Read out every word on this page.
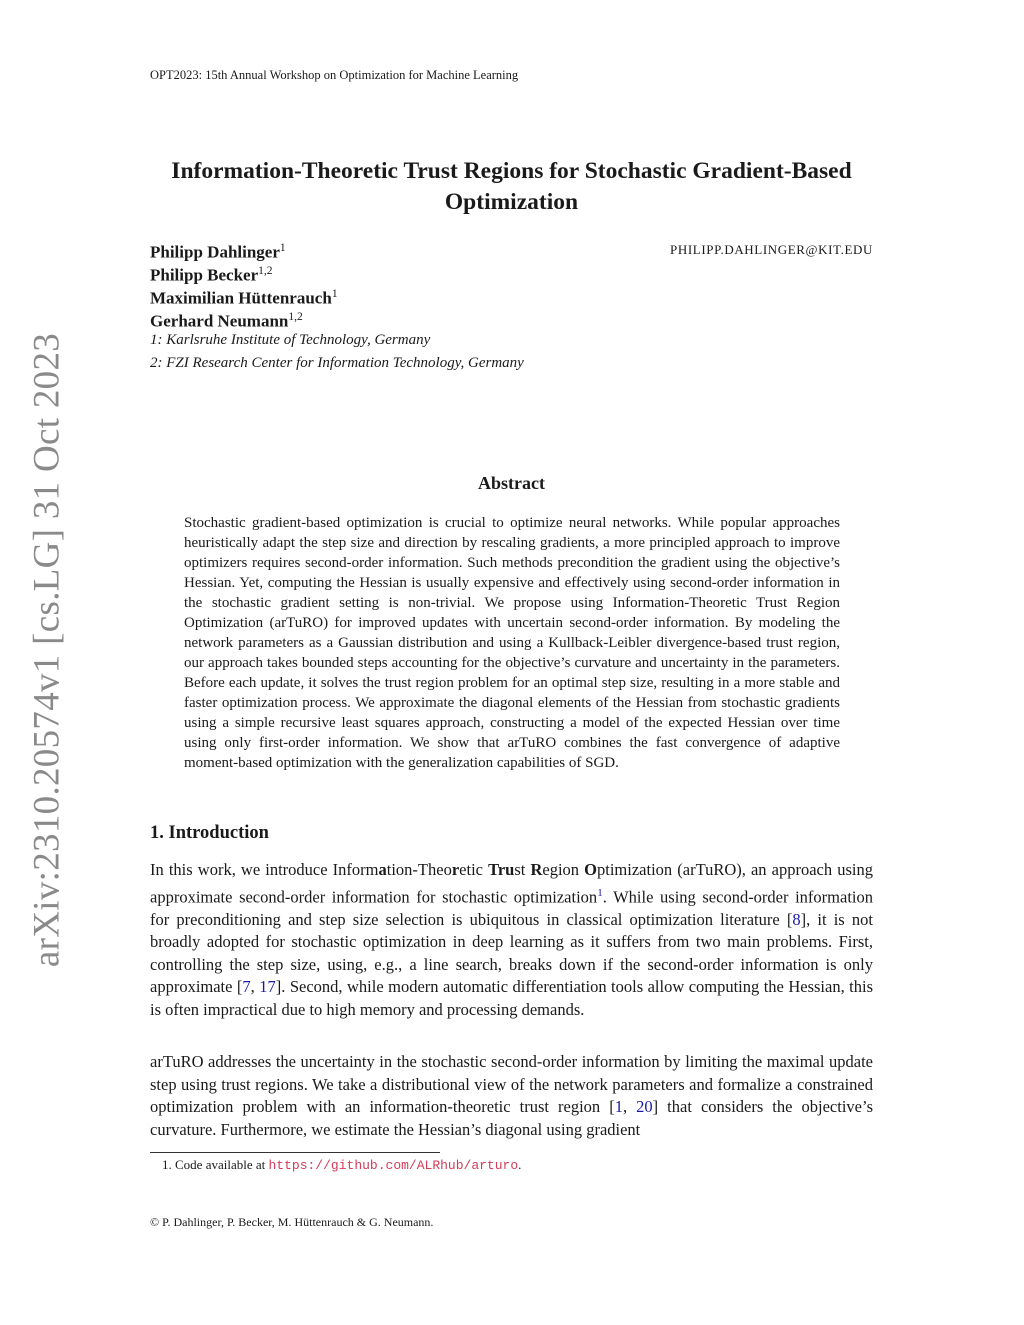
OPT2023: 15th Annual Workshop on Optimization for Machine Learning
arXiv:2310.20574v1 [cs.LG] 31 Oct 2023
Information-Theoretic Trust Regions for Stochastic Gradient-Based Optimization
PHILIPP.DAHLINGER@KIT.EDU
Philipp Dahlinger$^1$
Philipp Becker$^{1,2}$
Maximilian Hüttenrauch$^1$
Gerhard Neumann$^{1,2}$
1: Karlsruhe Institute of Technology, Germany
2: FZI Research Center for Information Technology, Germany
Abstract
Stochastic gradient-based optimization is crucial to optimize neural networks. While popular approaches heuristically adapt the step size and direction by rescaling gradients, a more principled approach to improve optimizers requires second-order information. Such methods precondition the gradient using the objective’s Hessian. Yet, computing the Hessian is usually expensive and effectively using second-order information in the stochastic gradient setting is non-trivial. We propose using Information-Theoretic Trust Region Optimization (arTuRO) for improved updates with uncertain second-order information. By modeling the network parameters as a Gaussian distribution and using a Kullback-Leibler divergence-based trust region, our approach takes bounded steps accounting for the objective’s curvature and uncertainty in the parameters. Before each update, it solves the trust region problem for an optimal step size, resulting in a more stable and faster optimization process. We approximate the diagonal elements of the Hessian from stochastic gradients using a simple recursive least squares approach, constructing a model of the expected Hessian over time using only first-order information. We show that arTuRO combines the fast convergence of adaptive moment-based optimization with the generalization capabilities of SGD.
1. Introduction
In this work, we introduce Information-Theoretic Trust Region Optimization (arTuRO), an approach using approximate second-order information for stochastic optimization$^1$. While using second-order information for preconditioning and step size selection is ubiquitous in classical optimization literature [8], it is not broadly adopted for stochastic optimization in deep learning as it suffers from two main problems. First, controlling the step size, using, e.g., a line search, breaks down if the second-order information is only approximate [7, 17]. Second, while modern automatic differentiation tools allow computing the Hessian, this is often impractical due to high memory and processing demands.
arTuRO addresses the uncertainty in the stochastic second-order information by limiting the maximal update step using trust regions. We take a distributional view of the network parameters and formalize a constrained optimization problem with an information-theoretic trust region [1, 20] that considers the objective’s curvature. Furthermore, we estimate the Hessian’s diagonal using gradient
1. Code available at https://github.com/ALRhub/arturo.
© P. Dahlinger, P. Becker, M. Hüttenrauch & G. Neumann.
